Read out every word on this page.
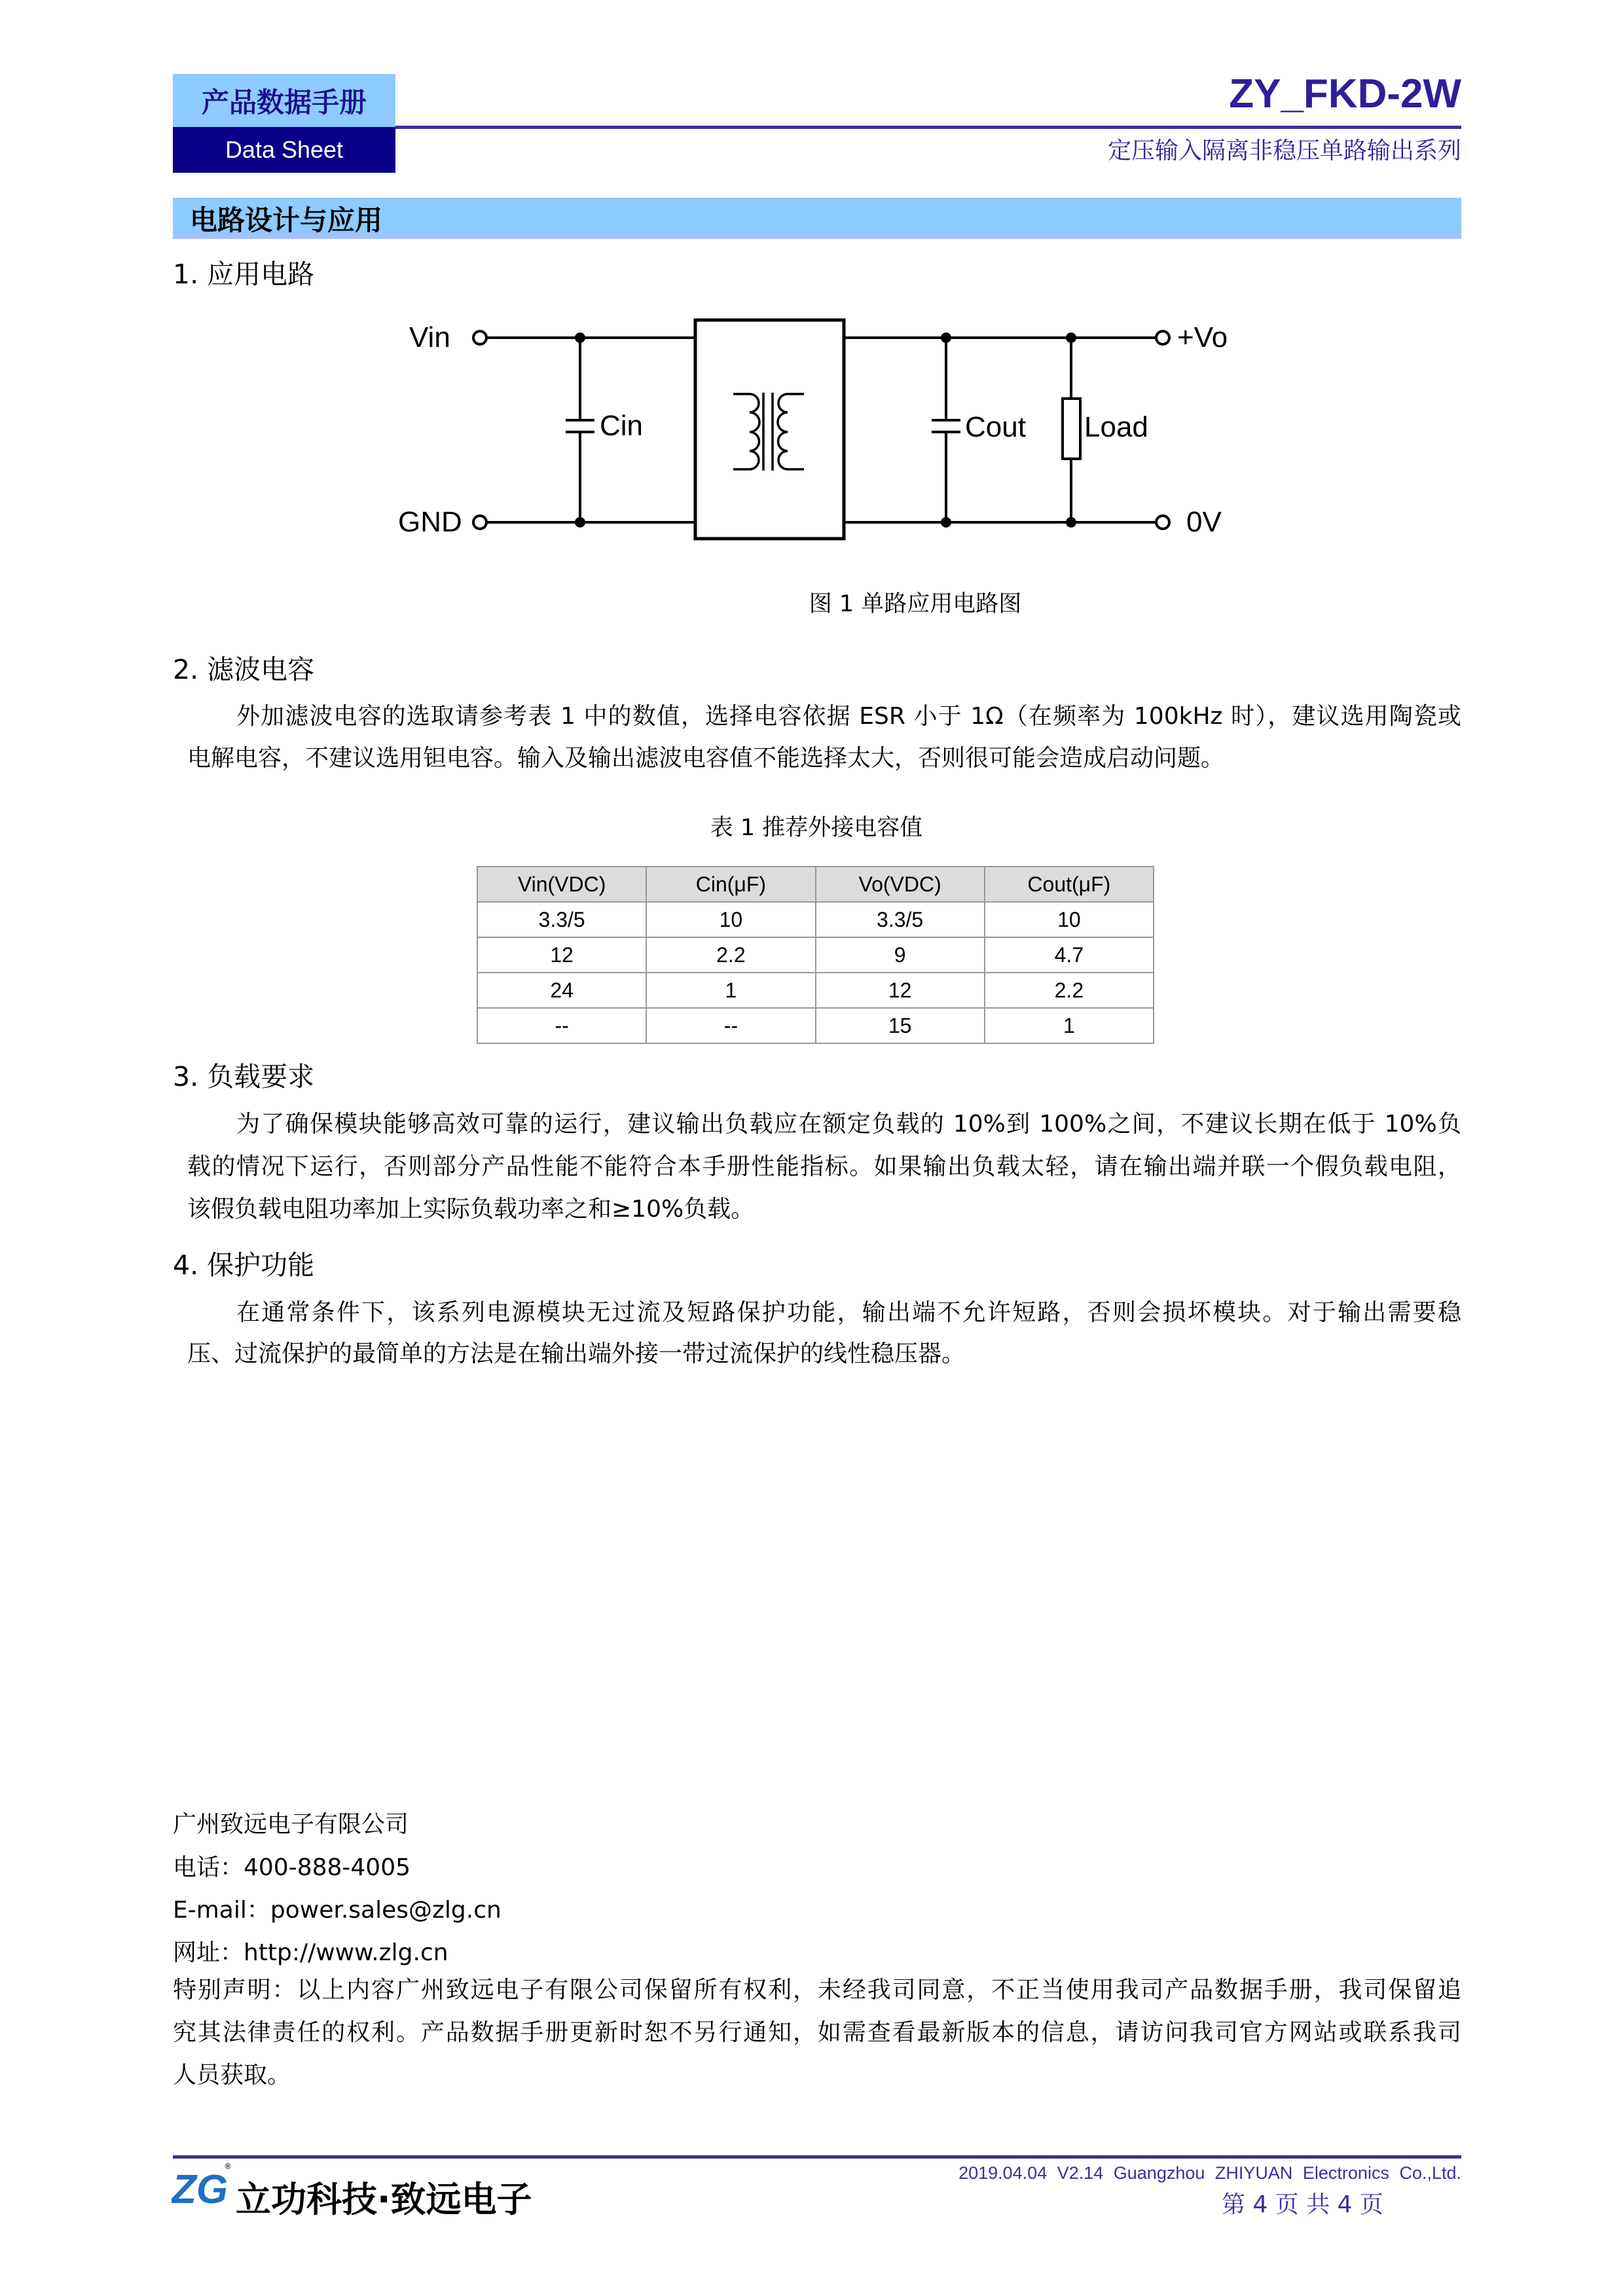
产品数据手册
Data Sheet
ZY_FKD-2W
定压输入隔离非稳压单路输出系列
电路设计与应用
1. 应用电路
Vin
GND
Cin	Cout Load
+Vo
0V
图 1 单路应用电路图
2. 滤波电容
外加滤波电容的选取请参考表 1 中的数值，选择电容依据 ESR 小于 1Ω（在频率为 100kHz 时），建议选用陶瓷或
电解电容，不建议选用钽电容。输入及输出滤波电容值不能选择太大，否则很可能会造成启动问题。
表 1 推荐外接电容值
Vin(VDC)	Cin(μF)	Vo(VDC)	Cout(μF)
3.3/5	10	3.3/5	10
12	2.2	9	4.7
24	1	12	2.2
--	--	15	1
3. 负载要求
为了确保模块能够高效可靠的运行，建议输出负载应在额定负载的 10%到 100%之间，不建议长期在低于 10%负
载的情况下运行，否则部分产品性能不能符合本手册性能指标。如果输出负载太轻，请在输出端并联一个假负载电阻，
该假负载电阻功率加上实际负载功率之和≥10%负载。
4. 保护功能
在通常条件下，该系列电源模块无过流及短路保护功能，输出端不允许短路，否则会损坏模块。对于输出需要稳
压、过流保护的最简单的方法是在输出端外接一带过流保护的线性稳压器。
广州致远电子有限公司
电话：400-888-4005
E-mail：power.sales@zlg.cn
网址：http://www.zlg.cn
特别声明：以上内容广州致远电子有限公司保留所有权利，未经我司同意，不正当使用我司产品数据手册，我司保留追
究其法律责任的权利。产品数据手册更新时恕不另行通知，如需查看最新版本的信息，请访问我司官方网站或联系我司
人员获取。
ZG
®
立功科技·致远电子
2019.04.04 V2.14 Guangzhou ZHIYUAN Electronics Co.,Ltd.
第 4 页 共 4 页
